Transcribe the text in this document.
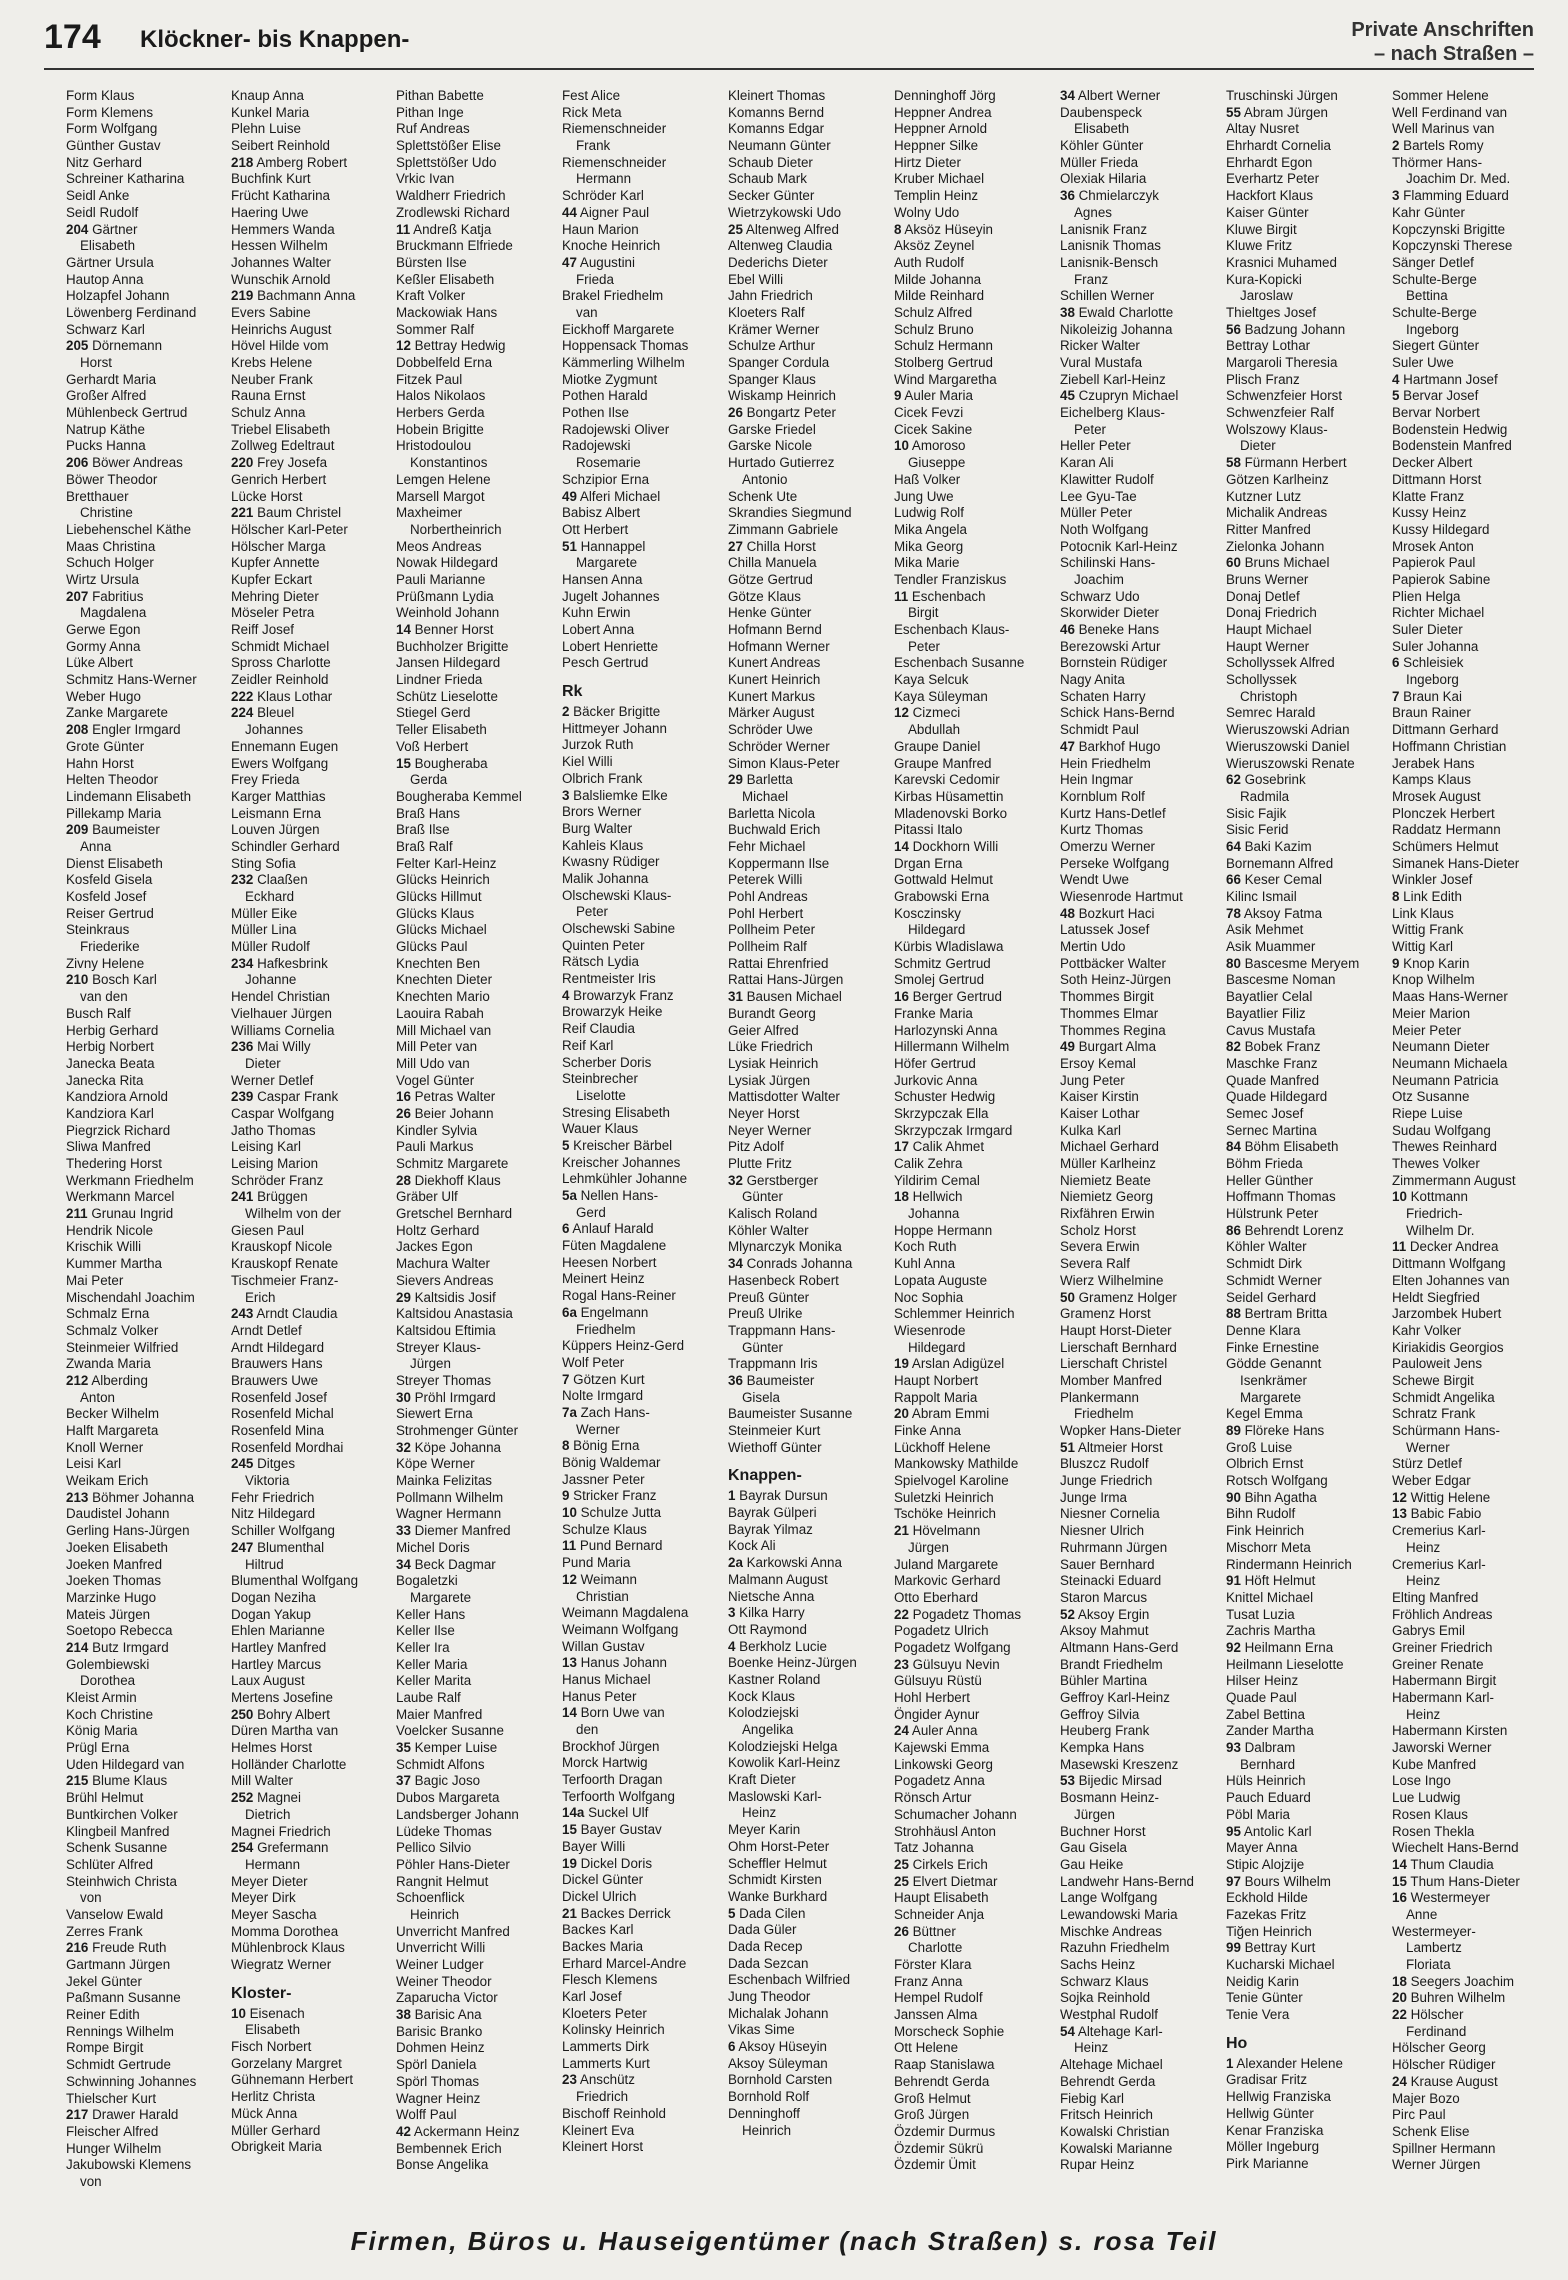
174 Klöckner- bis Knappen-	Private Anschriften
– nach Straßen –
Form Klaus
Form Klemens
Form Wolfgang
Günther Gustav
Nitz Gerhard
Schreiner Katharina
Seidl Anke
Seidl Rudolf
204 Gärtner
Elisabeth
Gärtner Ursula
Hautop Anna
Holzapfel Johann
Löwenberg Ferdinand
Schwarz Karl
205 Dörnemann
Horst
Gerhardt Maria
Großer Alfred
Mühlenbeck Gertrud
Natrup Käthe
Pucks Hanna
206 Böwer Andreas
Böwer Theodor
Bretthauer
Christine
Liebehenschel Käthe
Maas Christina
Schuch Holger
Wirtz Ursula
207 Fabritius
Magdalena
Gerwe Egon
Gormy Anna
Lüke Albert
Schmitz Hans-Werner
Weber Hugo
Zanke Margarete
208 Engler Irmgard
Grote Günter
Hahn Horst
Helten Theodor
Lindemann Elisabeth
Pillekamp Maria
209 Baumeister
Anna
Dienst Elisabeth
Kosfeld Gisela
Kosfeld Josef
Reiser Gertrud
Steinkraus
Friederike
Zivny Helene
210 Bosch Karl
van den
Busch Ralf
Herbig Gerhard
Herbig Norbert
Janecka Beata
Janecka Rita
Kandziora Arnold
Kandziora Karl
Piegrzick Richard
Sliwa Manfred
Thedering Horst
Werkmann Friedhelm
Werkmann Marcel
211 Grunau Ingrid
Hendrik Nicole
Krischik Willi
Kummer Martha
Mai Peter
Mischendahl Joachim
Schmalz Erna
Schmalz Volker
Steinmeier Wilfried
Zwanda Maria
212 Alberding
Anton
Becker Wilhelm
Halft Margareta
Knoll Werner
Leisi Karl
Weikam Erich
213 Böhmer Johanna
Daudistel Johann
Gerling Hans-Jürgen
Joeken Elisabeth
Joeken Manfred
Joeken Thomas
Marzinke Hugo
Mateis Jürgen
Soetopo Rebecca
214 Butz Irmgard
Golembiewski
Dorothea
Kleist Armin
Koch Christine
König Maria
Prügl Erna
Uden Hildegard van
215 Blume Klaus
Brühl Helmut
Buntkirchen Volker
Klingbeil Manfred
Schenk Susanne
Schlüter Alfred
Steinhwich Christa
von
Vanselow Ewald
Zerres Frank
216 Freude Ruth
Gartmann Jürgen
Jekel Günter
Paßmann Susanne
Reiner Edith
Rennings Wilhelm
Rompe Birgit
Schmidt Gertrude
Schwinning Johannes
Thielscher Kurt
217 Drawer Harald
Fleischer Alfred
Hunger Wilhelm
Jakubowski Klemens
von
Knaup Anna
Kunkel Maria
Plehn Luise
Seibert Reinhold
218 Amberg Robert
Buchfink Kurt
Frücht Katharina
Haering Uwe
Hemmers Wanda
Hessen Wilhelm
Johannes Walter
Wunschik Arnold
219 Bachmann Anna
Evers Sabine
Heinrichs August
Hövel Hilde vom
Krebs Helene
Neuber Frank
Rauna Ernst
Schulz Anna
Triebel Elisabeth
Zollweg Edeltraut
220 Frey Josefa
Genrich Herbert
Lücke Horst
221 Baum Christel
Hölscher Karl-Peter
Hölscher Marga
Kupfer Annette
Kupfer Eckart
Mehring Dieter
Möseler Petra
Reiff Josef
Schmidt Michael
Spross Charlotte
Zeidler Reinhold
222 Klaus Lothar
224 Bleuel
Johannes
Ennemann Eugen
Ewers Wolfgang
Frey Frieda
Karger Matthias
Leismann Erna
Louven Jürgen
Schindler Gerhard
Sting Sofia
232 Claaßen
Eckhard
Müller Eike
Müller Lina
Müller Rudolf
234 Hafkesbrink
Johanne
Hendel Christian
Vielhauer Jürgen
Williams Cornelia
236 Mai Willy
Dieter
Werner Detlef
239 Caspar Frank
Caspar Wolfgang
Jatho Thomas
Leising Karl
Leising Marion
Schröder Franz
241 Brüggen
Wilhelm von der
Giesen Paul
Krauskopf Nicole
Krauskopf Renate
Tischmeier Franz-
Erich
243 Arndt Claudia
Arndt Detlef
Arndt Hildegard
Brauwers Hans
Brauwers Uwe
Rosenfeld Josef
Rosenfeld Michal
Rosenfeld Mina
Rosenfeld Mordhai
245 Ditges
Viktoria
Fehr Friedrich
Nitz Hildegard
Schiller Wolfgang
247 Blumenthal
Hiltrud
Blumenthal Wolfgang
Dogan Neziha
Dogan Yakup
Ehlen Marianne
Hartley Manfred
Hartley Marcus
Laux August
Mertens Josefine
250 Bohry Albert
Düren Martha van
Helmes Horst
Holländer Charlotte
Mill Walter
252 Magnei
Dietrich
Magnei Friedrich
254 Grefermann
Hermann
Meyer Dieter
Meyer Dirk
Meyer Sascha
Momma Dorothea
Mühlenbrock Klaus
Wiegratz Werner
Kloster-
10 Eisenach
Elisabeth
Fisch Norbert
Gorzelany Margret
Gühnemann Herbert
Herlitz Christa
Mück Anna
Müller Gerhard
Obrigkeit Maria
Pithan Babette
Pithan Inge
Ruf Andreas
Splettstößer Elise
Splettstößer Udo
Vrkic Ivan
Waldherr Friedrich
Zrodlewski Richard
11 Andreß Katja
Bruckmann Elfriede
Bürsten Ilse
Keßler Elisabeth
Kraft Volker
Mackowiak Hans
Sommer Ralf
12 Bettray Hedwig
Dobbelfeld Erna
Fitzek Paul
Halos Nikolaos
Herbers Gerda
Hobein Brigitte
Hristodoulou
Konstantinos
Lemgen Helene
Marsell Margot
Maxheimer
Norbertheinrich
Meos Andreas
Nowak Hildegard
Pauli Marianne
Prüßmann Lydia
Weinhold Johann
14 Benner Horst
Buchholzer Brigitte
Jansen Hildegard
Lindner Frieda
Schütz Lieselotte
Stiegel Gerd
Teller Elisabeth
Voß Herbert
15 Bougheraba
Gerda
Bougheraba Kemmel
Braß Hans
Braß Ilse
Braß Ralf
Felter Karl-Heinz
Glücks Heinrich
Glücks Hillmut
Glücks Klaus
Glücks Michael
Glücks Paul
Knechten Ben
Knechten Dieter
Knechten Mario
Laouira Rabah
Mill Michael van
Mill Peter van
Mill Udo van
Vogel Günter
16 Petras Walter
26 Beier Johann
Kindler Sylvia
Pauli Markus
Schmitz Margarete
28 Diekhoff Klaus
Gräber Ulf
Gretschel Bernhard
Holtz Gerhard
Jackes Egon
Machura Walter
Sievers Andreas
29 Kaltsidis Josif
Kaltsidou Anastasia
Kaltsidou Eftimia
Streyer Klaus-
Jürgen
Streyer Thomas
30 Pröhl Irmgard
Siewert Erna
Strohmenger Günter
32 Köpe Johanna
Köpe Werner
Mainka Felizitas
Pollmann Wilhelm
Wagner Hermann
33 Diemer Manfred
Michel Doris
34 Beck Dagmar
Bogaletzki
Margarete
Keller Hans
Keller Ilse
Keller Ira
Keller Maria
Keller Marita
Laube Ralf
Maier Manfred
Voelcker Susanne
35 Kemper Luise
Schmidt Alfons
37 Bagic Joso
Dubos Margareta
Landsberger Johann
Lüdeke Thomas
Pellico Silvio
Pöhler Hans-Dieter
Rangnit Helmut
Schoenflick
Heinrich
Unverricht Manfred
Unverricht Willi
Weiner Ludger
Weiner Theodor
Zaparucha Victor
38 Barisic Ana
Barisic Branko
Dohmen Heinz
Spörl Daniela
Spörl Thomas
Wagner Heinz
Wolff Paul
42 Ackermann Heinz
Bembennek Erich
Bonse Angelika
Fest Alice
Rick Meta
Riemenschneider
Frank
Riemenschneider
Hermann
Schröder Karl
44 Aigner Paul
Haun Marion
Knoche Heinrich
47 Augustini
Frieda
Brakel Friedhelm
van
Eickhoff Margarete
Hoppensack Thomas
Kämmerling Wilhelm
Miotke Zygmunt
Pothen Harald
Pothen Ilse
Radojewski Oliver
Radojewski
Rosemarie
Schzipior Erna
49 Alferi Michael
Babisz Albert
Ott Herbert
51 Hannappel
Margarete
Hansen Anna
Jugelt Johannes
Kuhn Erwin
Lobert Anna
Lobert Henriette
Pesch Gertrud
Rk
2 Bäcker Brigitte
Hittmeyer Johann
Jurzok Ruth
Kiel Willi
Olbrich Frank
3 Balsliemke Elke
Brors Werner
Burg Walter
Kahleis Klaus
Kwasny Rüdiger
Malik Johanna
Olschewski Klaus-
Peter
Olschewski Sabine
Quinten Peter
Rätsch Lydia
Rentmeister Iris
4 Browarzyk Franz
Browarzyk Heike
Reif Claudia
Reif Karl
Scherber Doris
Steinbrecher
Liselotte
Stresing Elisabeth
Wauer Klaus
5 Kreischer Bärbel
Kreischer Johannes
Lehmkühler Johanne
5a Nellen Hans-
Gerd
6 Anlauf Harald
Füten Magdalene
Heesen Norbert
Meinert Heinz
Rogal Hans-Reiner
6a Engelmann
Friedhelm
Küppers Heinz-Gerd
Wolf Peter
7 Götzen Kurt
Nolte Irmgard
7a Zach Hans-
Werner
8 Bönig Erna
Bönig Waldemar
Jassner Peter
9 Stricker Franz
10 Schulze Jutta
Schulze Klaus
11 Pund Bernard
Pund Maria
12 Weimann
Christian
Weimann Magdalena
Weimann Wolfgang
Willan Gustav
13 Hanus Johann
Hanus Michael
Hanus Peter
14 Born Uwe van
den
Brockhof Jürgen
Morck Hartwig
Terfoorth Dragan
Terfoorth Wolfgang
14a Suckel Ulf
15 Bayer Gustav
Bayer Willi
19 Dickel Doris
Dickel Günter
Dickel Ulrich
21 Backes Derrick
Backes Karl
Backes Maria
Erhard Marcel-Andre
Flesch Klemens
Karl Josef
Kloeters Peter
Kolinsky Heinrich
Lammerts Dirk
Lammerts Kurt
23 Anschütz
Friedrich
Bischoff Reinhold
Kleinert Eva
Kleinert Horst
Kleinert Thomas
Komanns Bernd
Komanns Edgar
Neumann Günter
Schaub Dieter
Schaub Mark
Secker Günter
Wietrzykowski Udo
25 Altenweg Alfred
Altenweg Claudia
Dederichs Dieter
Ebel Willi
Jahn Friedrich
Kloeters Ralf
Krämer Werner
Schulze Arthur
Spanger Cordula
Spanger Klaus
Wiskamp Heinrich
26 Bongartz Peter
Garske Friedel
Garske Nicole
Hurtado Gutierrez
Antonio
Schenk Ute
Skrandies Siegmund
Zimmann Gabriele
27 Chilla Horst
Chilla Manuela
Götze Gertrud
Götze Klaus
Henke Günter
Hofmann Bernd
Hofmann Werner
Kunert Andreas
Kunert Heinrich
Kunert Markus
Märker August
Schröder Uwe
Schröder Werner
Simon Klaus-Peter
29 Barletta
Michael
Barletta Nicola
Buchwald Erich
Fehr Michael
Koppermann Ilse
Peterek Willi
Pohl Andreas
Pohl Herbert
Pollheim Peter
Pollheim Ralf
Rattai Ehrenfried
Rattai Hans-Jürgen
31 Bausen Michael
Burandt Georg
Geier Alfred
Lüke Friedrich
Lysiak Heinrich
Lysiak Jürgen
Mattisdotter Walter
Neyer Horst
Neyer Werner
Pitz Adolf
Plutte Fritz
32 Gerstberger
Günter
Kalisch Roland
Köhler Walter
Mlynarczyk Monika
34 Conrads Johanna
Hasenbeck Robert
Preuß Günter
Preuß Ulrike
Trappmann Hans-
Günter
Trappmann Iris
36 Baumeister
Gisela
Baumeister Susanne
Steinmeier Kurt
Wiethoff Günter
Knappen-
1 Bayrak Dursun
Bayrak Gülperi
Bayrak Yilmaz
Kock Ali
2a Karkowski Anna
Malmann August
Nietsche Anna
3 Kilka Harry
Ott Raymond
4 Berkholz Lucie
Boenke Heinz-Jürgen
Kastner Roland
Kock Klaus
Kolodziejski
Angelika
Kolodziejski Helga
Kowolik Karl-Heinz
Kraft Dieter
Maslowski Karl-
Heinz
Meyer Karin
Ohm Horst-Peter
Scheffler Helmut
Schmidt Kirsten
Wanke Burkhard
5 Dada Cilen
Dada Güler
Dada Recep
Dada Sezcan
Eschenbach Wilfried
Jung Theodor
Michalak Johann
Vikas Sime
6 Aksoy Hüseyin
Aksoy Süleyman
Bornhold Carsten
Bornhold Rolf
Denninghoff
Heinrich
Denninghoff Jörg
Heppner Andrea
Heppner Arnold
Heppner Silke
Hirtz Dieter
Kruber Michael
Templin Heinz
Wolny Udo
8 Aksöz Hüseyin
Aksöz Zeynel
Auth Rudolf
Milde Johanna
Milde Reinhard
Schulz Alfred
Schulz Bruno
Schulz Hermann
Stolberg Gertrud
Wind Margaretha
9 Auler Maria
Cicek Fevzi
Cicek Sakine
10 Amoroso
Giuseppe
Haß Volker
Jung Uwe
Ludwig Rolf
Mika Angela
Mika Georg
Mika Marie
Tendler Franziskus
11 Eschenbach
Birgit
Eschenbach Klaus-
Peter
Eschenbach Susanne
Kaya Selcuk
Kaya Süleyman
12 Cizmeci
Abdullah
Graupe Daniel
Graupe Manfred
Karevski Cedomir
Kirbas Hüsamettin
Mladenovski Borko
Pitassi Italo
14 Dockhorn Willi
Drgan Erna
Gottwald Helmut
Grabowski Erna
Kosczinsky
Hildegard
Kürbis Wladislawa
Schmitz Gertrud
Smolej Gertrud
16 Berger Gertrud
Franke Maria
Harlozynski Anna
Hillermann Wilhelm
Höfer Gertrud
Jurkovic Anna
Schuster Hedwig
Skrzypczak Ella
Skrzypczak Irmgard
17 Calik Ahmet
Calik Zehra
Yildirim Cemal
18 Hellwich
Johanna
Hoppe Hermann
Koch Ruth
Kuhl Anna
Lopata Auguste
Noc Sophia
Schlemmer Heinrich
Wiesenrode
Hildegard
19 Arslan Adigüzel
Haupt Norbert
Rappolt Maria
20 Abram Emmi
Finke Anna
Lückhoff Helene
Mankowsky Mathilde
Spielvogel Karoline
Suletzki Heinrich
Tschöke Heinrich
21 Hövelmann
Jürgen
Juland Margarete
Markovic Gerhard
Otto Eberhard
22 Pogadetz Thomas
Pogadetz Ulrich
Pogadetz Wolfgang
23 Gülsuyu Nevin
Gülsuyu Rüstü
Hohl Herbert
Öngider Aynur
24 Auler Anna
Kajewski Emma
Linkowski Georg
Pogadetz Anna
Rönsch Artur
Schumacher Johann
Strohhäusl Anton
Tatz Johanna
25 Cirkels Erich
25 Elvert Dietmar
Haupt Elisabeth
Schneider Anja
26 Büttner
Charlotte
Förster Klara
Franz Anna
Hempel Rudolf
Janssen Alma
Morscheck Sophie
Ott Helene
Raap Stanislawa
Behrendt Gerda
Groß Helmut
Groß Jürgen
Özdemir Durmus
Özdemir Sükrü
Özdemir Ümit
34 Albert Werner
Daubenspeck
Elisabeth
Köhler Günter
Müller Frieda
Olexiak Hilaria
36 Chmielarczyk
Agnes
Lanisnik Franz
Lanisnik Thomas
Lanisnik-Bensch
Franz
Schillen Werner
38 Ewald Charlotte
Nikoleizig Johanna
Ricker Walter
Vural Mustafa
Ziebell Karl-Heinz
45 Czupryn Michael
Eichelberg Klaus-
Peter
Heller Peter
Karan Ali
Klawitter Rudolf
Lee Gyu-Tae
Müller Peter
Noth Wolfgang
Potocnik Karl-Heinz
Schilinski Hans-
Joachim
Schwarz Udo
Skorwider Dieter
46 Beneke Hans
Berezowski Artur
Bornstein Rüdiger
Nagy Anita
Schaten Harry
Schick Hans-Bernd
Schmidt Paul
47 Barkhof Hugo
Hein Friedhelm
Hein Ingmar
Kornblum Rolf
Kurtz Hans-Detlef
Kurtz Thomas
Omerzu Werner
Perseke Wolfgang
Wendt Uwe
Wiesenrode Hartmut
48 Bozkurt Haci
Latussek Josef
Mertin Udo
Pottbäcker Walter
Soth Heinz-Jürgen
Thommes Birgit
Thommes Elmar
Thommes Regina
49 Burgart Alma
Ersoy Kemal
Jung Peter
Kaiser Kirstin
Kaiser Lothar
Kulka Karl
Michael Gerhard
Müller Karlheinz
Niemietz Beate
Niemietz Georg
Rixfähren Erwin
Scholz Horst
Severa Erwin
Severa Ralf
Wierz Wilhelmine
50 Gramenz Holger
Gramenz Horst
Haupt Horst-Dieter
Lierschaft Bernhard
Lierschaft Christel
Momber Manfred
Plankermann
Friedhelm
Wopker Hans-Dieter
51 Altmeier Horst
Bluszcz Rudolf
Junge Friedrich
Junge Irma
Niesner Cornelia
Niesner Ulrich
Ruhrmann Jürgen
Sauer Bernhard
Steinacki Eduard
Staron Marcus
52 Aksoy Ergin
Aksoy Mahmut
Altmann Hans-Gerd
Brandt Friedhelm
Bühler Martina
Geffroy Karl-Heinz
Geffroy Silvia
Heuberg Frank
Kempka Hans
Masewski Kreszenz
53 Bijedic Mirsad
Bosmann Heinz-
Jürgen
Buchner Horst
Gau Gisela
Gau Heike
Landwehr Hans-Bernd
Lange Wolfgang
Lewandowski Maria
Mischke Andreas
Razuhn Friedhelm
Sachs Heinz
Schwarz Klaus
Sojka Reinhold
Westphal Rudolf
54 Altehage Karl-
Heinz
Altehage Michael
Behrendt Gerda
Fiebig Karl
Fritsch Heinrich
Kowalski Christian
Kowalski Marianne
Rupar Heinz
Truschinski Jürgen
55 Abram Jürgen
Altay Nusret
Ehrhardt Cornelia
Ehrhardt Egon
Everhartz Peter
Hackfort Klaus
Kaiser Günter
Kluwe Birgit
Kluwe Fritz
Krasnici Muhamed
Kura-Kopicki
Jaroslaw
Thieltges Josef
56 Badzung Johann
Bettray Lothar
Margaroli Theresia
Plisch Franz
Schwenzfeier Horst
Schwenzfeier Ralf
Wolszowy Klaus-
Dieter
58 Fürmann Herbert
Götzen Karlheinz
Kutzner Lutz
Michalik Andreas
Ritter Manfred
Zielonka Johann
60 Bruns Michael
Bruns Werner
Donaj Detlef
Donaj Friedrich
Haupt Michael
Haupt Werner
Schollyssek Alfred
Schollyssek
Christoph
Semrec Harald
Wieruszowski Adrian
Wieruszowski Daniel
Wieruszowski Renate
62 Gosebrink
Radmila
Sisic Fajik
Sisic Ferid
64 Baki Kazim
Bornemann Alfred
66 Keser Cemal
Kilinc Ismail
78 Aksoy Fatma
Asik Mehmet
Asik Muammer
80 Bascesme Meryem
Bascesme Noman
Bayatlier Celal
Bayatlier Filiz
Cavus Mustafa
82 Bobek Franz
Maschke Franz
Quade Manfred
Quade Hildegard
Semec Josef
Sernec Martina
84 Böhm Elisabeth
Böhm Frieda
Heller Günther
Hoffmann Thomas
Hülstrunk Peter
86 Behrendt Lorenz
Köhler Walter
Schmidt Dirk
Schmidt Werner
Seidel Gerhard
88 Bertram Britta
Denne Klara
Finke Ernestine
Gödde Genannt
Isenkrämer
Margarete
Kegel Emma
89 Flöreke Hans
Groß Luise
Olbrich Ernst
Rotsch Wolfgang
90 Bihn Agatha
Bihn Rudolf
Fink Heinrich
Mischorr Meta
Rindermann Heinrich
91 Höft Helmut
Knittel Michael
Tusat Luzia
Zachris Martha
92 Heilmann Erna
Heilmann Lieselotte
Hilser Heinz
Quade Paul
Zabel Bettina
Zander Martha
93 Dalbram
Bernhard
Hüls Heinrich
Pauch Eduard
Pöbl Maria
95 Antolic Karl
Mayer Anna
Stipic Alojzije
97 Bours Wilhelm
Eckhold Hilde
Fazekas Fritz
Tiğen Heinrich
99 Bettray Kurt
Kucharski Michael
Neidig Karin
Tenie Günter
Tenie Vera
Ho
1 Alexander Helene
Gradisar Fritz
Hellwig Franziska
Hellwig Günter
Kenar Franziska
Möller Ingeburg
Pirk Marianne
Sommer Helene
Well Ferdinand van
Well Marinus van
2 Bartels Romy
Thörmer Hans-
Joachim Dr. Med.
3 Flamming Eduard
Kahr Günter
Kopczynski Brigitte
Kopczynski Therese
Sänger Detlef
Schulte-Berge
Bettina
Schulte-Berge
Ingeborg
Siegert Günter
Suler Uwe
4 Hartmann Josef
5 Bervar Josef
Bervar Norbert
Bodenstein Hedwig
Bodenstein Manfred
Decker Albert
Dittmann Horst
Klatte Franz
Kussy Heinz
Kussy Hildegard
Mrosek Anton
Papierok Paul
Papierok Sabine
Plien Helga
Richter Michael
Suler Dieter
Suler Johanna
6 Schleisiek
Ingeborg
7 Braun Kai
Braun Rainer
Dittmann Gerhard
Hoffmann Christian
Jerabek Hans
Kamps Klaus
Mrosek August
Plonczek Herbert
Raddatz Hermann
Schümers Helmut
Simanek Hans-Dieter
Winkler Josef
8 Link Edith
Link Klaus
Wittig Frank
Wittig Karl
9 Knop Karin
Knop Wilhelm
Maas Hans-Werner
Meier Marion
Meier Peter
Neumann Dieter
Neumann Michaela
Neumann Patricia
Otz Susanne
Riepe Luise
Sudau Wolfgang
Thewes Reinhard
Thewes Volker
Zimmermann August
10 Kottmann
Friedrich-
Wilhelm Dr.
11 Decker Andrea
Dittmann Wolfgang
Elten Johannes van
Heldt Siegfried
Jarzombek Hubert
Kahr Volker
Kiriakidis Georgios
Pauloweit Jens
Schewe Birgit
Schmidt Angelika
Schratz Frank
Schürmann Hans-
Werner
Stürz Detlef
Weber Edgar
12 Wittig Helene
13 Babic Fabio
Cremerius Karl-
Heinz
Cremerius Karl-
Heinz
Elting Manfred
Fröhlich Andreas
Gabrys Emil
Greiner Friedrich
Greiner Renate
Habermann Birgit
Habermann Karl-
Heinz
Habermann Kirsten
Jaworski Werner
Kube Manfred
Lose Ingo
Lue Ludwig
Rosen Klaus
Rosen Thekla
Wiechelt Hans-Bernd
14 Thum Claudia
15 Thum Hans-Dieter
16 Westermeyer
Anne
Westermeyer-
Lambertz
Floriata
18 Seegers Joachim
20 Buhren Wilhelm
22 Hölscher
Ferdinand
Hölscher Georg
Hölscher Rüdiger
24 Krause August
Majer Bozo
Pirc Paul
Schenk Elise
Spillner Hermann
Werner Jürgen
Firmen, Büros u. Hauseigentümer (nach Straßen) s. rosa Teil
